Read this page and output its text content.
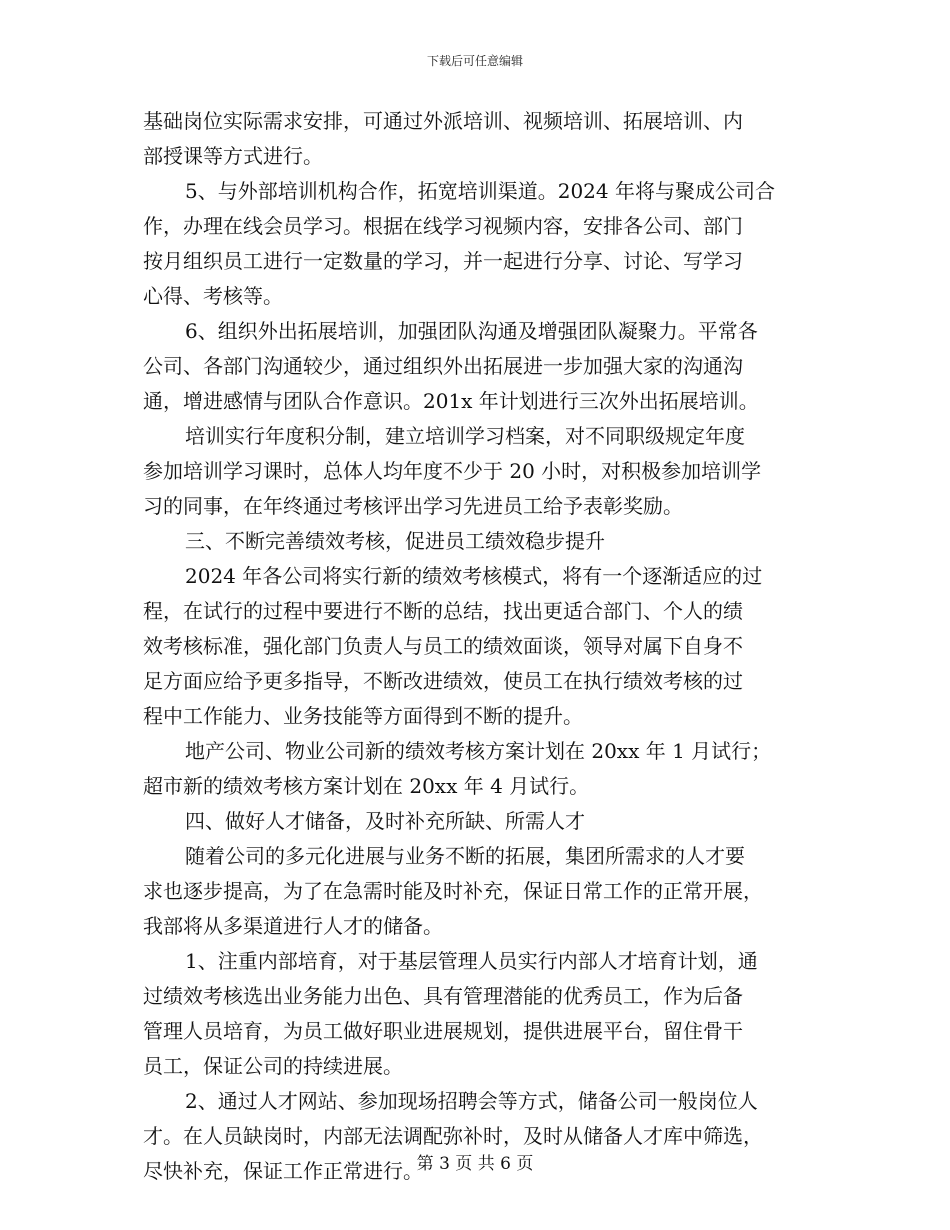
下载后可任意编辑
基础岗位实际需求安排，可通过外派培训、视频培训、拓展培训、内
部授课等方式进行。
5、与外部培训机构合作，拓宽培训渠道。2024 年将与聚成公司合
作，办理在线会员学习。根据在线学习视频内容，安排各公司、部门
按月组织员工进行一定数量的学习，并一起进行分享、讨论、写学习
心得、考核等。
6、组织外出拓展培训，加强团队沟通及增强团队凝聚力。平常各
公司、各部门沟通较少，通过组织外出拓展进一步加强大家的沟通沟
通，增进感情与团队合作意识。201x 年计划进行三次外出拓展培训。
培训实行年度积分制，建立培训学习档案，对不同职级规定年度
参加培训学习课时，总体人均年度不少于 20 小时，对积极参加培训学
习的同事，在年终通过考核评出学习先进员工给予表彰奖励。
三、不断完善绩效考核，促进员工绩效稳步提升
2024 年各公司将实行新的绩效考核模式，将有一个逐渐适应的过
程，在试行的过程中要进行不断的总结，找出更适合部门、个人的绩
效考核标准，强化部门负责人与员工的绩效面谈，领导对属下自身不
足方面应给予更多指导，不断改进绩效，使员工在执行绩效考核的过
程中工作能力、业务技能等方面得到不断的提升。
地产公司、物业公司新的绩效考核方案计划在 20xx 年 1 月试行；
超市新的绩效考核方案计划在 20xx 年 4 月试行。
四、做好人才储备，及时补充所缺、所需人才
随着公司的多元化进展与业务不断的拓展，集团所需求的人才要
求也逐步提高，为了在急需时能及时补充，保证日常工作的正常开展，
我部将从多渠道进行人才的储备。
1、注重内部培育，对于基层管理人员实行内部人才培育计划，通
过绩效考核选出业务能力出色、具有管理潜能的优秀员工，作为后备
管理人员培育，为员工做好职业进展规划，提供进展平台，留住骨干
员工，保证公司的持续进展。
2、通过人才网站、参加现场招聘会等方式，储备公司一般岗位人
才。在人员缺岗时，内部无法调配弥补时，及时从储备人才库中筛选，
尽快补充，保证工作正常进行。
第 3 页 共 6 页
